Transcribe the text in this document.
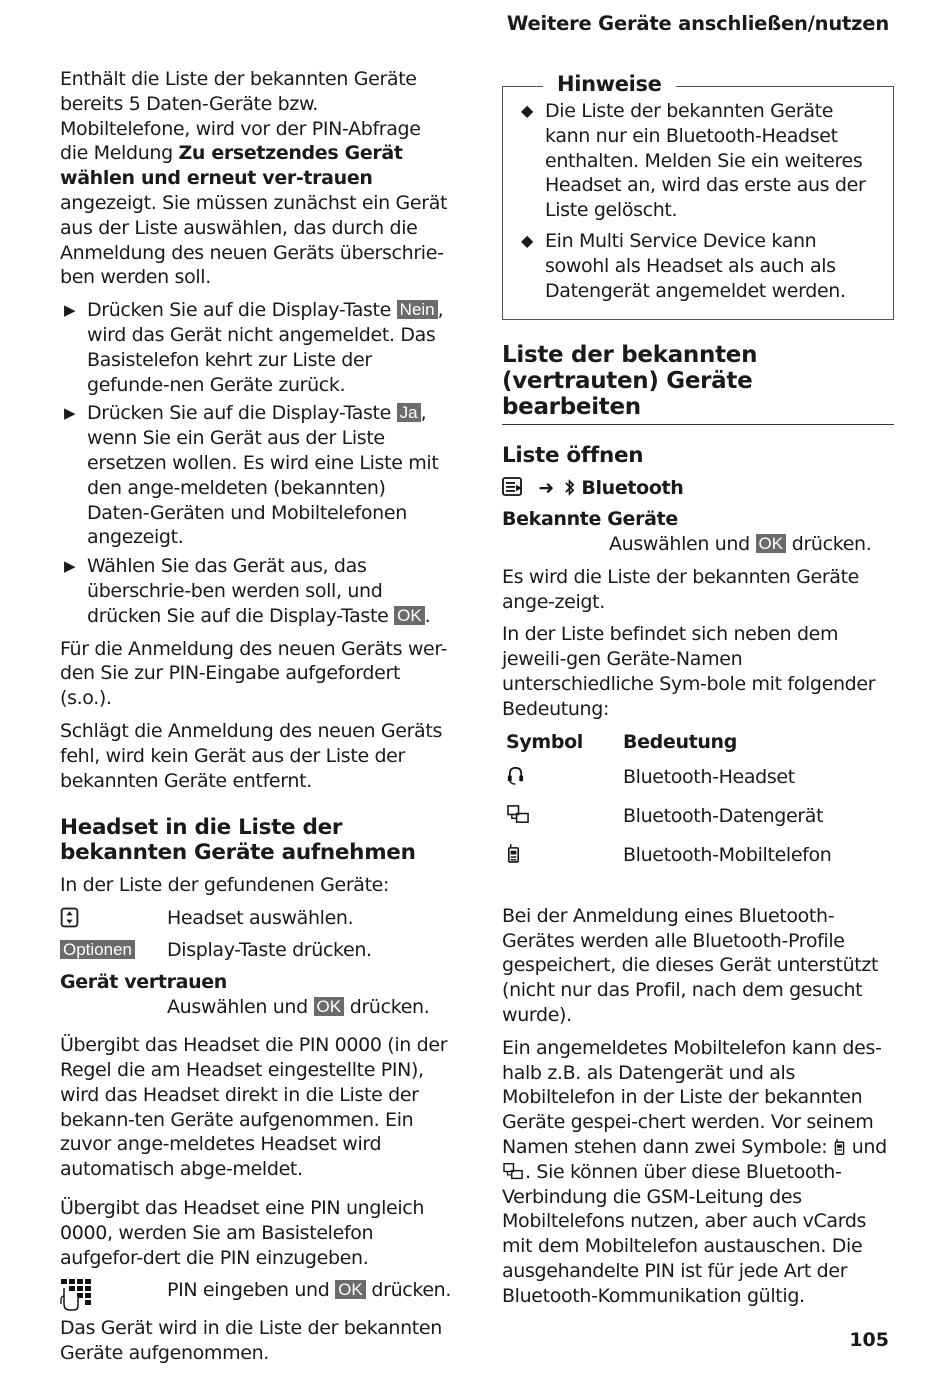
Weitere Geräte anschließen/nutzen

Enthält die Liste der bekannten Geräte bereits 5 Daten-Geräte bzw. Mobiltelefone, wird vor der PIN-Abfrage die Meldung Zu ersetzendes Gerät wählen und erneut ver-trauen angezeigt. Sie müssen zunächst ein Gerät aus der Liste auswählen, das durch die Anmeldung des neuen Geräts überschrie-ben werden soll.

▶ Drücken Sie auf die Display-Taste Nein , wird das Gerät nicht angemeldet. Das Basistelefon kehrt zur Liste der gefunde-nen Geräte zurück.
▶ Drücken Sie auf die Display-Taste Ja , wenn Sie ein Gerät aus der Liste ersetzen wollen. Es wird eine Liste mit den ange-meldeten (bekannten) Daten-Geräten und Mobiltelefonen angezeigt.
▶ Wählen Sie das Gerät aus, das überschrie-ben werden soll, und drücken Sie auf die Display-Taste OK .

Für die Anmeldung des neuen Geräts wer-den Sie zur PIN-Eingabe aufgefordert (s.o.).

Schlägt die Anmeldung des neuen Geräts fehl, wird kein Gerät aus der Liste der bekannten Geräte entfernt.

Headset in die Liste der bekannten Geräte aufnehmen

In der Liste der gefundenen Geräte:

Headset auswählen.
Optionen	Display-Taste drücken.
Gerät vertrauen

Auswählen und OK drücken.

Übergibt das Headset die PIN 0000 (in der Regel die am Headset eingestellte PIN), wird das Headset direkt in die Liste der bekann-ten Geräte aufgenommen. Ein zuvor ange-meldetes Headset wird automatisch abge-meldet.

Übergibt das Headset eine PIN ungleich 0000, werden Sie am Basistelefon aufgefor-dert die PIN einzugeben.

PIN eingeben und OK drücken.

Das Gerät wird in die Liste der bekannten Geräte aufgenommen.

Hinweise
◆ Die Liste der bekannten Geräte kann nur ein Bluetooth-Headset enthalten. Melden Sie ein weiteres Headset an, wird das erste aus der Liste gelöscht.
◆ Ein Multi Service Device kann sowohl als Headset als auch als Datengerät angemeldet werden.
Liste der bekannten (vertrauten) Geräte bearbeiten
Liste öffnen
➜ Bluetooth
Bekannte Geräte

Auswählen und OK drücken.

Es wird die Liste der bekannten Geräte ange-zeigt.

In der Liste befindet sich neben dem jeweili-gen Geräte-Namen unterschiedliche Sym-bole mit folgender Bedeutung:

Symbol	Bedeutung
	Bluetooth-Headset
	Bluetooth-Datengerät
	Bluetooth-Mobiltelefon

Bei der Anmeldung eines Bluetooth-Gerätes werden alle Bluetooth-Profile gespeichert, die dieses Gerät unterstützt (nicht nur das Profil, nach dem gesucht wurde).

Ein angemeldetes Mobiltelefon kann des-halb z.B. als Datengerät und als Mobiltelefon in der Liste der bekannten Geräte gespei-chert werden. Vor seinem Namen stehen dann zwei Symbole:  und . Sie können über diese Bluetooth-Verbindung die GSM-Leitung des Mobiltelefons nutzen, aber auch vCards mit dem Mobiltelefon austauschen. Die ausgehandelte PIN ist für jede Art der Bluetooth-Kommunikation gültig.

105
